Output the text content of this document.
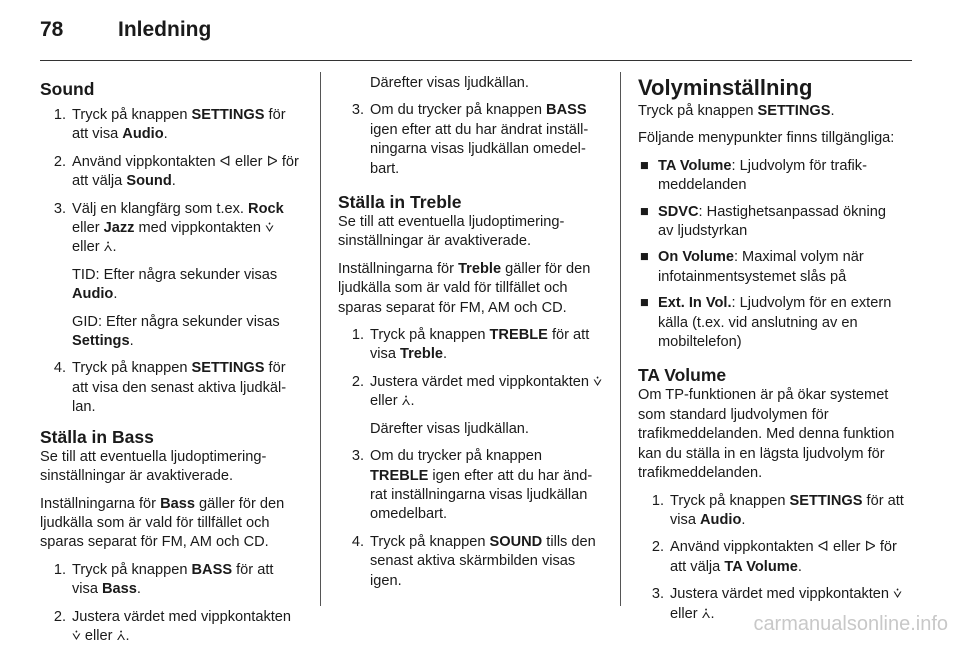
78	Inledning
Sound
1. Tryck på knappen SETTINGS för att visa Audio.
2. Använd vippkontakten ᐊ eller ᐅ för att välja Sound.
3. Välj en klangfärg som t.ex. Rock eller Jazz med vippkontakten ⩒ eller ⩑.
TID: Efter några sekunder visas Audio.
GID: Efter några sekunder visas Settings.
4. Tryck på knappen SETTINGS för att visa den senast aktiva ljudkällan.
Ställa in Bass

Se till att eventuella ljudoptimeringsinställningar är avaktiverade.

Inställningarna för Bass gäller för den ljudkälla som är vald för tillfället och sparas separat för FM, AM och CD.

1. Tryck på knappen BASS för att visa Bass.
2. Justera värdet med vippkontakten ⩒ eller ⩑.
Därefter visas ljudkällan.
3. Om du trycker på knappen BASS igen efter att du har ändrat inställningarna visas ljudkällan omedelbart.
Ställa in Treble

Se till att eventuella ljudoptimeringsinställningar är avaktiverade.

Inställningarna för Treble gäller för den ljudkälla som är vald för tillfället och sparas separat för FM, AM och CD.

1. Tryck på knappen TREBLE för att visa Treble.
2. Justera värdet med vippkontakten ⩒ eller ⩑.
Därefter visas ljudkällan.
3. Om du trycker på knappen TREBLE igen efter att du har ändrat inställningarna visas ljudkällan omedelbart.
4. Tryck på knappen SOUND tills den senast aktiva skärmbilden visas igen.
Volyminställning

Tryck på knappen SETTINGS.

Följande menypunkter finns tillgängliga:

■ TA Volume: Ljudvolym för trafikmeddelanden
■ SDVC: Hastighetsanpassad ökning av ljudstyrkan
■ On Volume: Maximal volym när infotainmentsystemet slås på
■ Ext. In Vol.: Ljudvolym för en extern källa (t.ex. vid anslutning av en mobiltelefon)
TA Volume

Om TP-funktionen är på ökar systemet som standard ljudvolymen för trafikmeddelanden. Med denna funktion kan du ställa in en lägsta ljudvolym för trafikmeddelanden.

1. Tryck på knappen SETTINGS för att visa Audio.
2. Använd vippkontakten ᐊ eller ᐅ för att välja TA Volume.
3. Justera värdet med vippkontakten ⩒ eller ⩑.	carmanualsonline.info
